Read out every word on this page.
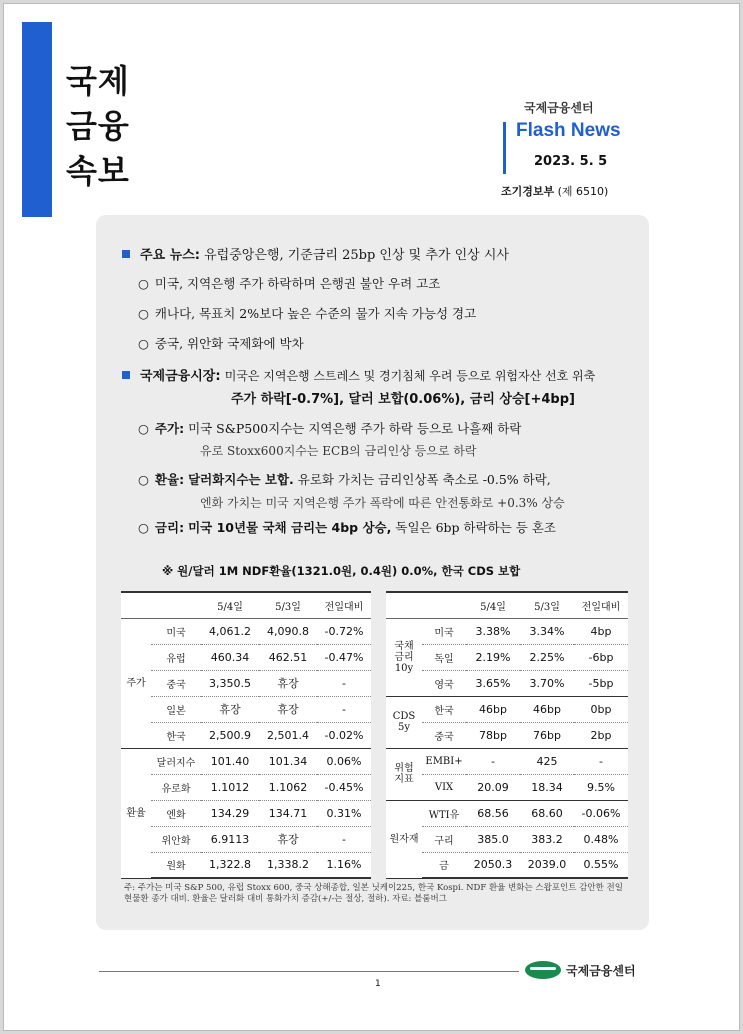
국제
금융
속보
국제금융센터
Flash News
2023. 5. 5
조기경보부 (제 6510)
주요 뉴스: 유럽중앙은행, 기준금리 25bp 인상 및 추가 인상 시사
○ 미국, 지역은행 주가 하락하며 은행권 불안 우려 고조
○ 캐나다, 목표치 2%보다 높은 수준의 물가 지속 가능성 경고
○ 중국, 위안화 국제화에 박차
국제금융시장: 미국은 지역은행 스트레스 및 경기침체 우려 등으로 위험자산 선호 위축
주가 하락[-0.7%], 달러 보합(0.06%), 금리 상승[+4bp]
○ 주가: 미국 S&P500지수는 지역은행 주가 하락 등으로 나흘째 하락
유로 Stoxx600지수는 ECB의 금리인상 등으로 하락
○ 환율: 달러화지수는 보합. 유로화 가치는 금리인상폭 축소로 -0.5% 하락,
엔화 가치는 미국 지역은행 주가 폭락에 따른 안전통화로 +0.3% 상승
○ 금리: 미국 10년물 국채 금리는 4bp 상승, 독일은 6bp 하락하는 등 혼조
※ 원/달러 1M NDF환율(1321.0원, 0.4원) 0.0%, 한국 CDS 보합
		5/4일	5/3일	전일대비
주가	미국	4,061.2	4,090.8	-0.72%
	유럽	460.34	462.51	-0.47%
	중국	3,350.5	휴장	-
	일본	휴장	휴장	-
	한국	2,500.9	2,501.4	-0.02%
환율	달러지수	101.40	101.34	0.06%
	유로화	1.1012	1.1062	-0.45%
	엔화	134.29	134.71	0.31%
	위안화	6.9113	휴장	-
	원화	1,322.8	1,338.2	1.16%
		5/4일	5/3일	전일대비
국채
금리
10y	미국	3.38%	3.34%	4bp
	독일	2.19%	2.25%	-6bp
	영국	3.65%	3.70%	-5bp
CDS
5y	한국	46bp	46bp	0bp
	중국	78bp	76bp	2bp
위험
지표	EMBI+	-	425	-
	VIX	20.09	18.34	9.5%
원자재	WTI유	68.56	68.60	-0.06%
	구리	385.0	383.2	0.48%
	금	2050.3	2039.0	0.55%
주: 주가는 미국 S&P 500, 유럽 Stoxx 600, 중국 상해종합, 일본 닛케이225, 한국 Kospi. NDF 환율 변화는 스왑포인트 감안한 전일 현물환 종가 대비. 환율은 달러화 대비 통화가치 증감(+/-는 절상, 절하). 자료: 블룸버그
1
국제금융센터
